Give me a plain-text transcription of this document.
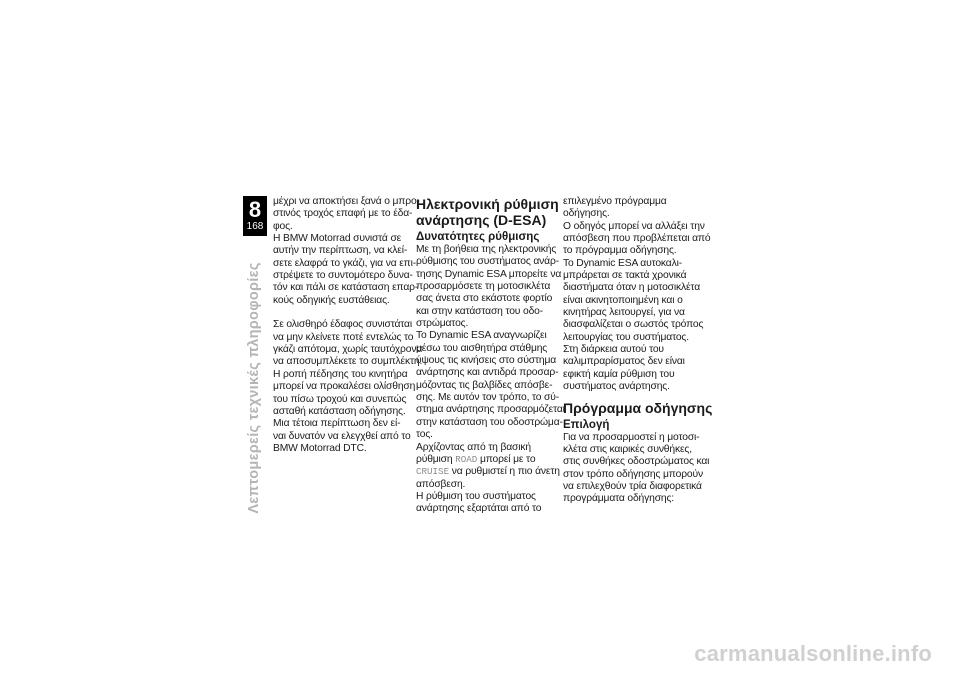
8
168
Λεπτομερείς τεχνικές πληροφορίες

μέχρι να αποκτήσει ξανά ο μπρο-
στινός τροχός επαφή με το έδα-
φος.
Η BMW Motorrad συνιστά σε
αυτήν την περίπτωση, να κλεί-
σετε ελαφρά το γκάζι, για να επι-
στρέψετε το συντομότερο δυνα-
τόν και πάλι σε κατάσταση επαρ-
κούς οδηγικής ευστάθειας.

Σε ολισθηρό έδαφος συνιστάται
να μην κλείνετε ποτέ εντελώς το
γκάζι απότομα, χωρίς ταυτόχρονα
να αποσυμπλέκετε το συμπλέκτη.
Η ροπή πέδησης του κινητήρα
μπορεί να προκαλέσει ολίσθηση
του πίσω τροχού και συνεπώς
ασταθή κατάσταση οδήγησης.
Μια τέτοια περίπτωση δεν εί-
ναι δυνατόν να ελεγχθεί από το
BMW Motorrad DTC.

Ηλεκτρονική ρύθμιση
ανάρτησης (D-ESA)

Δυνατότητες ρύθμισης

Με τη βοήθεια της ηλεκτρονικής
ρύθμισης του συστήματος ανάρ-
τησης Dynamic ESA μπορείτε να
προσαρμόσετε τη μοτοσικλέτα
σας άνετα στο εκάστοτε φορτίο
και στην κατάσταση του οδο-
στρώματος.
Το Dynamic ESA αναγνωρίζει
μέσω του αισθητήρα στάθμης
ύψους τις κινήσεις στο σύστημα
ανάρτησης και αντιδρά προσαρ-
μόζοντας τις βαλβίδες απόσβε-
σης. Με αυτόν τον τρόπο, το σύ-
στημα ανάρτησης προσαρμόζεται
στην κατάσταση του οδοστρώμα-
τος.
Αρχίζοντας από τη βασική
ρύθμιση ROAD μπορεί με το
CRUISE να ρυθμιστεί η πιο άνετη
απόσβεση.
Η ρύθμιση του συστήματος
ανάρτησης εξαρτάται από το

επιλεγμένο πρόγραμμα οδήγησης.
Ο οδηγός μπορεί να αλλάξει την
απόσβεση που προβλέπεται από
το πρόγραμμα οδήγησης.
Το Dynamic ESA αυτοκαλι-
μπράρεται σε τακτά χρονικά
διαστήματα όταν η μοτοσικλέτα
είναι ακινητοποιημένη και ο
κινητήρας λειτουργεί, για να
διασφαλίζεται ο σωστός τρόπος
λειτουργίας του συστήματος.
Στη διάρκεια αυτού του
καλιμπραρίσματος δεν είναι
εφικτή καμία ρύθμιση του
συστήματος ανάρτησης.

Πρόγραμμα οδήγησης

Επιλογή

Για να προσαρμοστεί η μοτοσι-
κλέτα στις καιρικές συνθήκες,
στις συνθήκες οδοστρώματος και
στον τρόπο οδήγησης μπορούν
να επιλεχθούν τρία διαφορετικά
προγράμματα οδήγησης:

carmanualsonline.info
